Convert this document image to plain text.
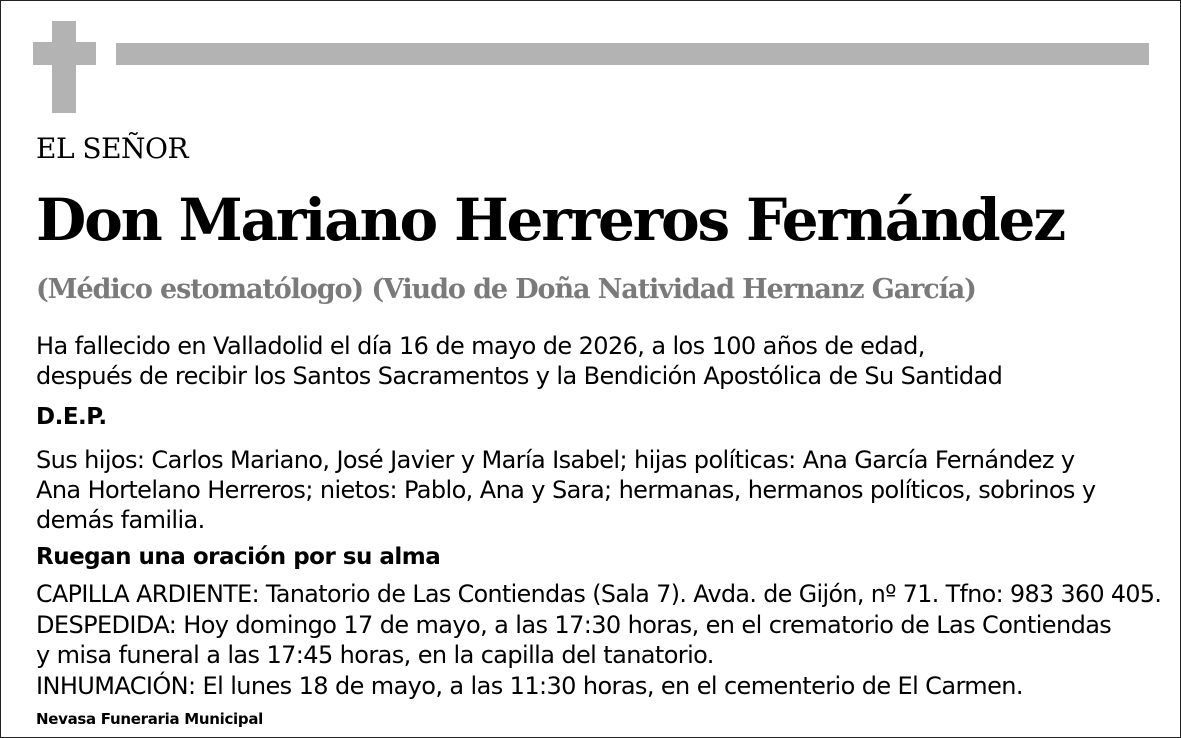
EL SEÑOR
Don Mariano Herreros Fernández
(Médico estomatólogo) (Viudo de Doña Natividad Hernanz García)
Ha fallecido en Valladolid el día 16 de mayo de 2026, a los 100 años de edad,
después de recibir los Santos Sacramentos y la Bendición Apostólica de Su Santidad
D.E.P.
Sus hijos: Carlos Mariano, José Javier y María Isabel; hijas políticas: Ana García Fernández y
Ana Hortelano Herreros; nietos: Pablo, Ana y Sara; hermanas, hermanos políticos, sobrinos y
demás familia.
Ruegan una oración por su alma
CAPILLA ARDIENTE: Tanatorio de Las Contiendas (Sala 7). Avda. de Gijón, nº 71. Tfno: 983 360 405.
DESPEDIDA: Hoy domingo 17 de mayo, a las 17:30 horas, en el crematorio de Las Contiendas
y misa funeral a las 17:45 horas, en la capilla del tanatorio.
INHUMACIÓN: El lunes 18 de mayo, a las 11:30 horas, en el cementerio de El Carmen.
Nevasa Funeraria Municipal
